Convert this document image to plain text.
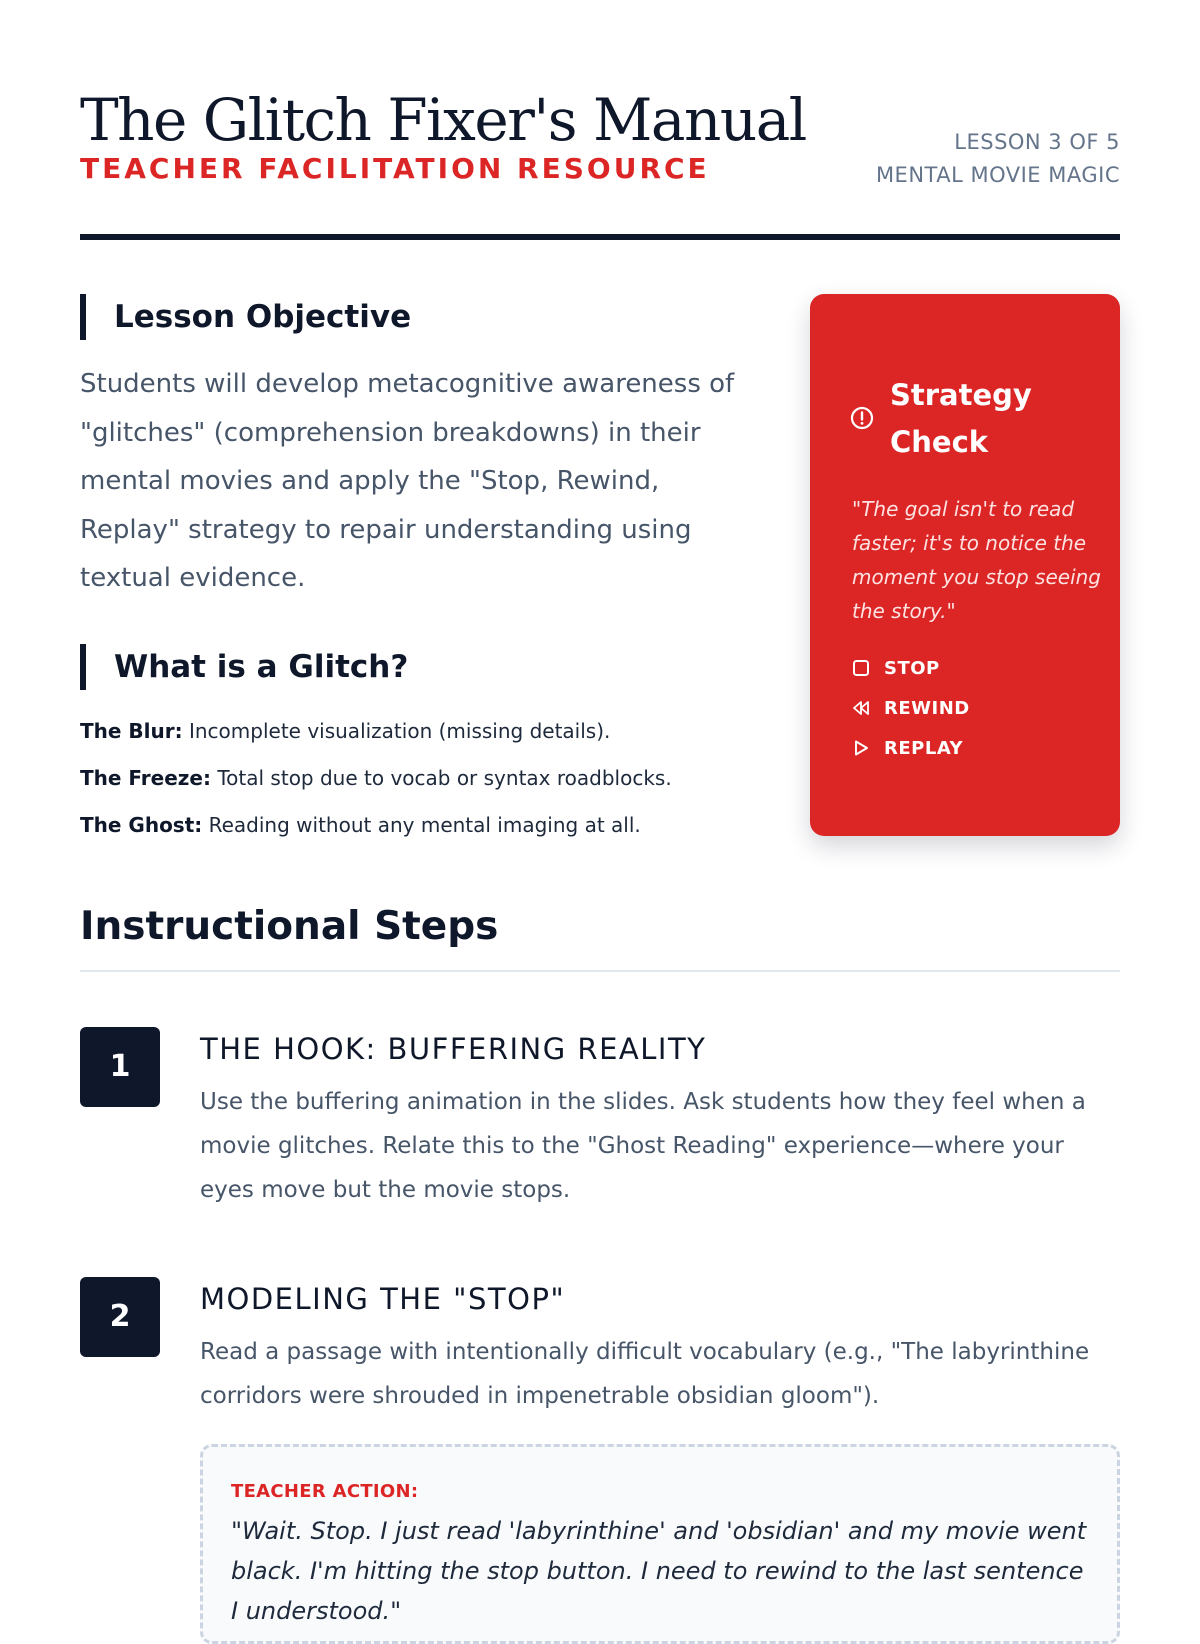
The Glitch Fixer's Manual
TEACHER FACILITATION RESOURCE
LESSON 3 OF 5
MENTAL MOVIE MAGIC
Lesson Objective
Students will develop metacognitive awareness of "glitches" (comprehension breakdowns) in their mental movies and apply the "Stop, Rewind, Replay" strategy to repair understanding using textual evidence.
What is a Glitch?
The Blur: Incomplete visualization (missing details).
The Freeze: Total stop due to vocab or syntax roadblocks.
The Ghost: Reading without any mental imaging at all.
Strategy Check
"The goal isn't to read faster; it's to notice the moment you stop seeing the story."
STOP
REWIND
REPLAY
Instructional Steps
1	THE HOOK: BUFFERING REALITY
Use the buffering animation in the slides. Ask students how they feel when a movie glitches. Relate this to the "Ghost Reading" experience—where your eyes move but the movie stops.
2	MODELING THE "STOP"
Read a passage with intentionally difficult vocabulary (e.g., "The labyrinthine corridors were shrouded in impenetrable obsidian gloom").
TEACHER ACTION:
"Wait. Stop. I just read 'labyrinthine' and 'obsidian' and my movie went black. I'm hitting the stop button. I need to rewind to the last sentence I understood."
